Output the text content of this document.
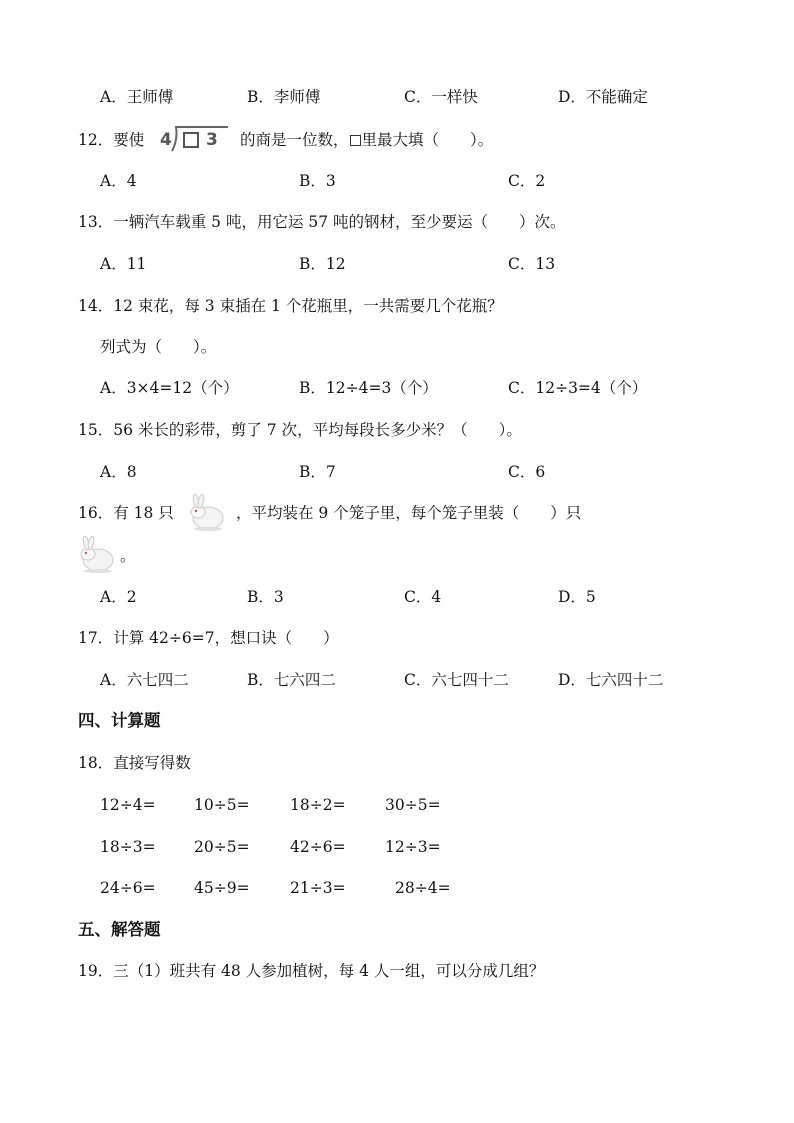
A．王师傅	B．李师傅	C．一样快	D．不能确定
12．要使 4 3 的商是一位数， 里最大填（　　）。
A．4	B．3	C．2
13．一辆汽车载重 5 吨，用它运 57 吨的钢材，至少要运（　　）次。
A．11	B．12	C．13
14．12 束花，每 3 束插在 1 个花瓶里，一共需要几个花瓶？
列式为（　　）。
A．3×4=12（个）	B．12÷4=3（个）	C．12÷3=4（个）
15．56 米长的彩带，剪了 7 次，平均每段长多少米？（　　）。
A．8	B．7	C．6
16．有 18 只	，平均装在 9 个笼子里，每个笼子里装（　　）只
。
A．2	B．3	C．4	D．5
17．计算 42÷6=7，想口诀（　　）
A．六七四二	B．七六四二	C．六七四十二	D．七六四十二
四、计算题
18．直接写得数
12÷4= 10÷5=	18÷2=	30÷5=
18÷3= 20÷5=	42÷6=	12÷3=
24÷6= 45÷9=	21÷3=	28÷4=
五、解答题
19．三（1）班共有 48 人参加植树，每 4 人一组，可以分成几组？
